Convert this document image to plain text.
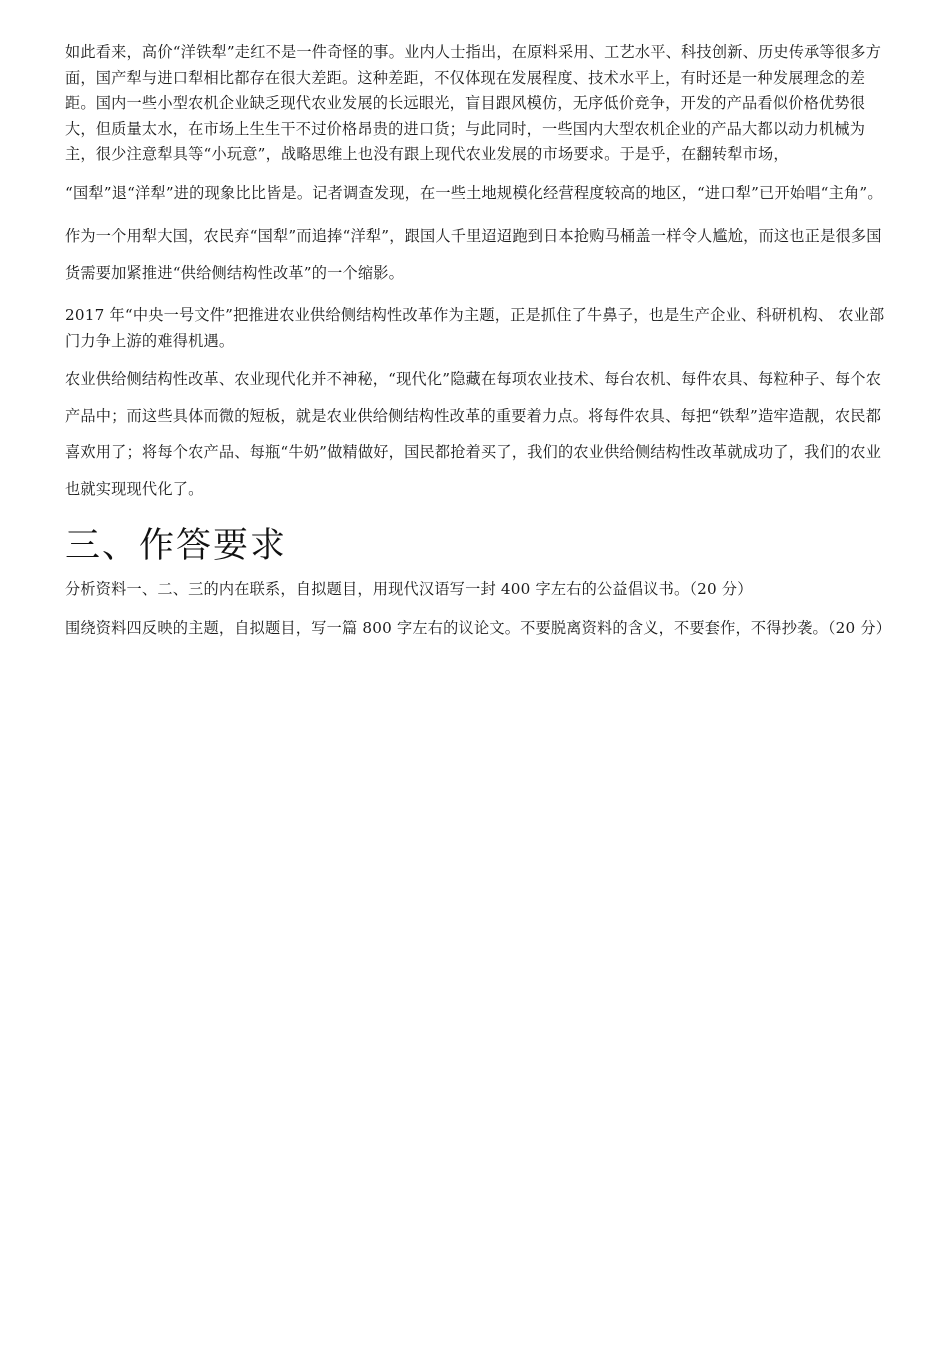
如此看来，高价“洋铁犁”走红不是一件奇怪的事。业内人士指出，在原料采用、工艺水平、科技创新、历史传承等很多方面，国产犁与进口犁相比都存在很大差距。这种差距，不仅体现在发展程度、技术水平上，有时还是一种发展理念的差距。国内一些小型农机企业缺乏现代农业发展的长远眼光，盲目跟风模仿，无序低价竞争，开发的产品看似价格优势很大，但质量太水，在市场上生生干不过价格昂贵的进口货；与此同时，一些国内大型农机企业的产品大都以动力机械为主，很少注意犁具等“小玩意”，战略思维上也没有跟上现代农业发展的市场要求。于是乎，在翻转犁市场，

“国犁”退“洋犁”进的现象比比皆是。记者调查发现，在一些土地规模化经营程度较高的地区，“进口犁”已开始唱“主角”。

作为一个用犁大国，农民弃“国犁”而追捧“洋犁”，跟国人千里迢迢跑到日本抢购马桶盖一样令人尴尬，而这也正是很多国货需要加紧推进“供给侧结构性改革”的一个缩影。

2017 年“中央一号文件”把推进农业供给侧结构性改革作为主题，正是抓住了牛鼻子，也是生产企业、科研机构、 农业部门力争上游的难得机遇。

农业供给侧结构性改革、农业现代化并不神秘，“现代化”隐藏在每项农业技术、每台农机、每件农具、每粒种子、每个农产品中；而这些具体而微的短板，就是农业供给侧结构性改革的重要着力点。将每件农具、每把“铁犁”造牢造靓，农民都喜欢用了；将每个农产品、每瓶“牛奶”做精做好，国民都抢着买了，我们的农业供给侧结构性改革就成功了，我们的农业也就实现现代化了。

三、作答要求

分析资料一、二、三的内在联系，自拟题目，用现代汉语写一封 400 字左右的公益倡议书。（20 分）

围绕资料四反映的主题，自拟题目，写一篇 800 字左右的议论文。不要脱离资料的含义，不要套作，不得抄袭。（20 分）
